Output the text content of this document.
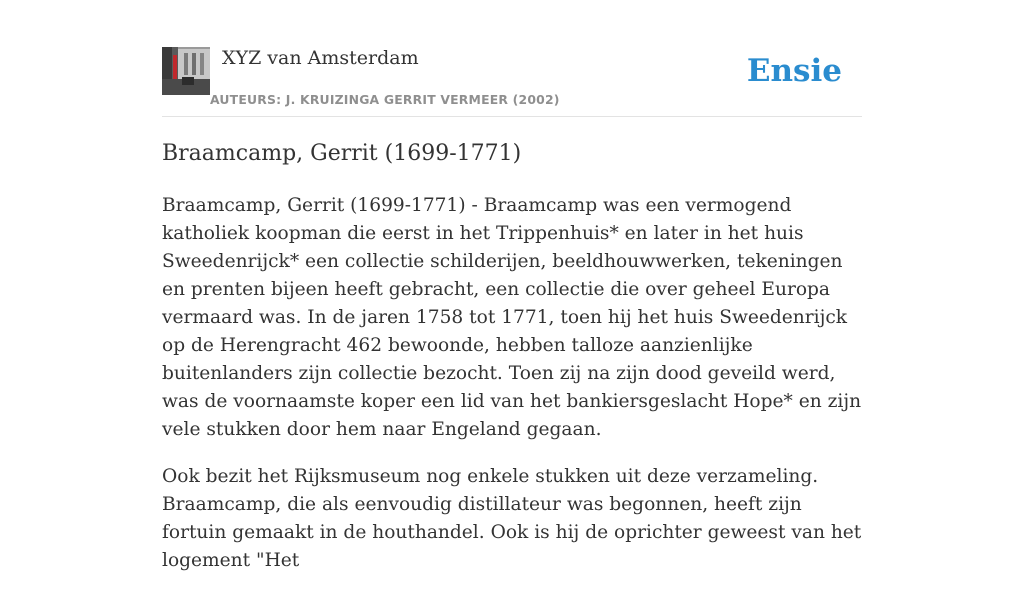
XYZ van Amsterdam
AUTEURS: J. KRUIZINGA GERRIT VERMEER (2002)
Ensie
Braamcamp, Gerrit (1699-1771)

Braamcamp, Gerrit (1699-1771) - Braamcamp was een vermogend katholiek koopman die eerst in het Trippenhuis* en later in het huis Sweedenrijck* een collectie schilderijen, beeldhouwwerken, tekeningen en prenten bijeen heeft gebracht, een collectie die over geheel Europa vermaard was. In de jaren 1758 tot 1771, toen hij het huis Sweedenrijck op de Herengracht 462 bewoonde, hebben talloze aanzienlijke buitenlanders zijn collectie bezocht. Toen zij na zijn dood geveild werd, was de voornaamste koper een lid van het bankiersgeslacht Hope* en zijn vele stukken door hem naar Engeland gegaan.

Ook bezit het Rijksmuseum nog enkele stukken uit deze verzameling. Braamcamp, die als eenvoudig distillateur was begonnen, heeft zijn fortuin gemaakt in de houthandel. Ook is hij de oprichter geweest van het logement "Het
